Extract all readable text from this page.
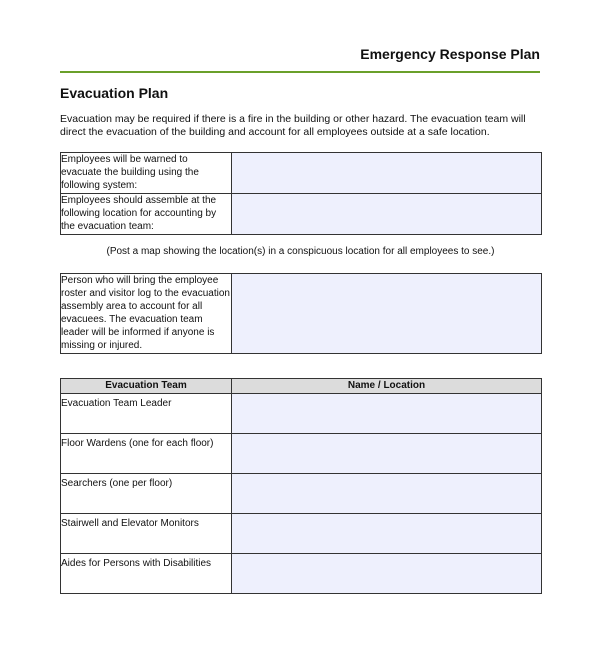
Emergency Response Plan
Evacuation Plan
Evacuation may be required if there is a fire in the building or other hazard. The evacuation team will direct the evacuation of the building and account for all employees outside at a safe location.
Employees will be warned to evacuate the building using the following system:	
Employees should assemble at the following location for accounting by the evacuation team:	
(Post a map showing the location(s) in a conspicuous location for all employees to see.)
Person who will bring the employee roster and visitor log to the evacuation assembly area to account for all evacuees. The evacuation team leader will be informed if anyone is missing or injured.	
Evacuation Team	Name / Location
Evacuation Team Leader	
Floor Wardens (one for each floor)	
Searchers (one per floor)	
Stairwell and Elevator Monitors	
Aides for Persons with Disabilities	
